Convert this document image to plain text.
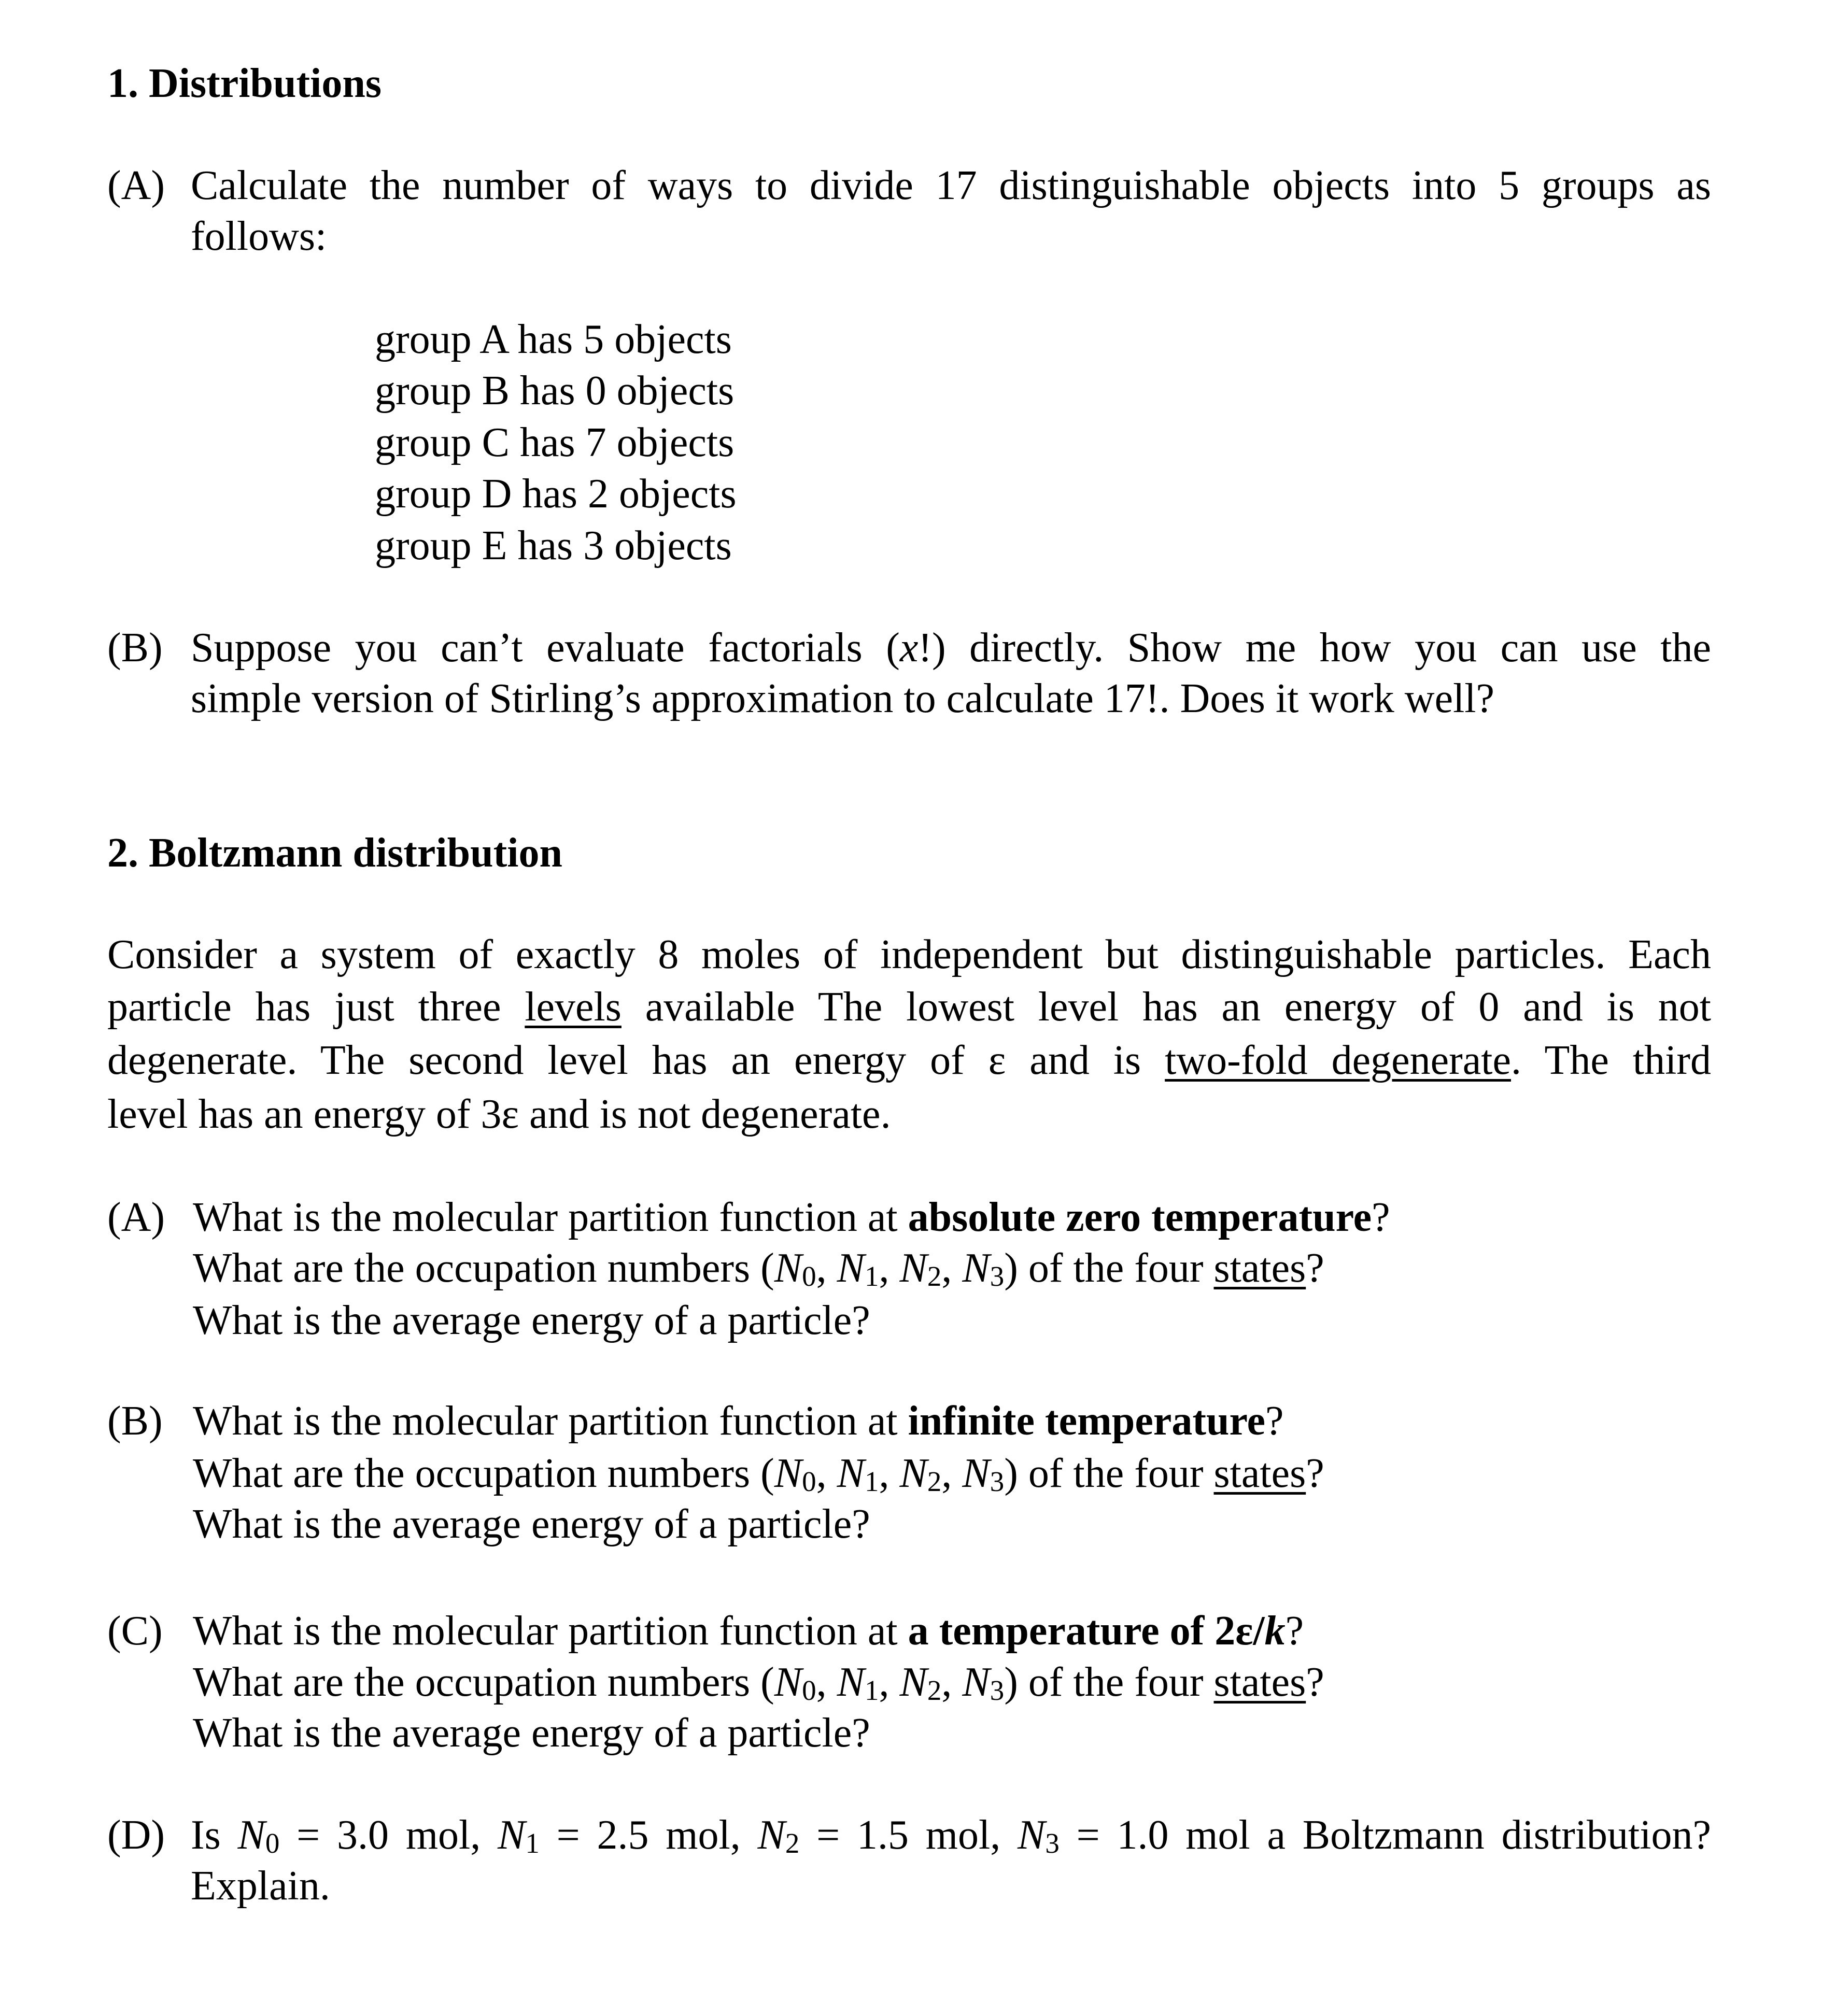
1. Distributions
(A) Calculate the number of ways to divide 17 distinguishable objects into 5 groups as
follows:
group A has 5 objects
group B has 0 objects
group C has 7 objects
group D has 2 objects
group E has 3 objects
(B) Suppose you can’t evaluate factorials (x!) directly. Show me how you can use the
simple version of Stirling’s approximation to calculate 17!. Does it work well?
2. Boltzmann distribution
Consider a system of exactly 8 moles of independent but distinguishable particles. Each
particle has just three levels available The lowest level has an energy of 0 and is not
degenerate. The second level has an energy of ε and is two-fold degenerate. The third
level has an energy of 3ε and is not degenerate.
(A) What is the molecular partition function at absolute zero temperature?
What are the occupation numbers ($N_0$, $N_1$, $N_2$, $N_3$) of the four states?
What is the average energy of a particle?
(B) What is the molecular partition function at infinite temperature?
What are the occupation numbers ($N_0$, $N_1$, $N_2$, $N_3$) of the four states?
What is the average energy of a particle?
(C) What is the molecular partition function at a temperature of 2ε/k?
What are the occupation numbers ($N_0$, $N_1$, $N_2$, $N_3$) of the four states?
What is the average energy of a particle?
(D) Is $N_0 = 3.0$ mol, $N_1 = 2.5$ mol, $N_2 = 1.5$ mol, $N_3 = 1.0$ mol a Boltzmann distribution?
Explain.
